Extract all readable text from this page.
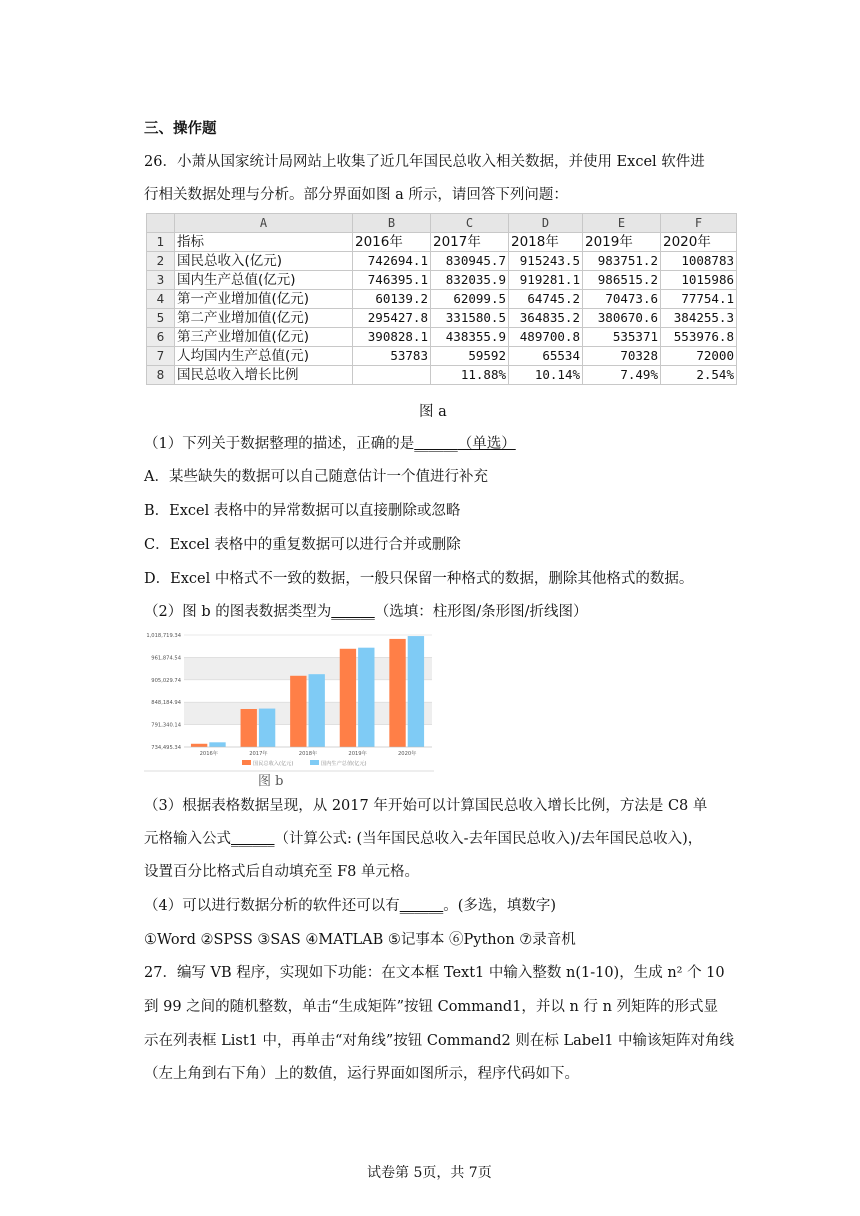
三、操作题
26．小萧从国家统计局网站上收集了近几年国民总收入相关数据，并使用 Excel 软件进
行相关数据处理与分析。部分界面如图 a 所示，请回答下列问题：
	A	B	C	D	E	F
1	指标	2016年	2017年	2018年	2019年	2020年
2	国民总收入(亿元)	742694.1	830945.7	915243.5	983751.2	1008783
3	国内生产总值(亿元)	746395.1	832035.9	919281.1	986515.2	1015986
4	第一产业增加值(亿元)	60139.2	62099.5	64745.2	70473.6	77754.1
5	第二产业增加值(亿元)	295427.8	331580.5	364835.2	380670.6	384255.3
6	第三产业增加值(亿元)	390828.1	438355.9	489700.8	535371	553976.8
7	人均国内生产总值(元)	53783	59592	65534	70328	72000
8	国民总收入增长比例		11.88%	10.14%	7.49%	2.54%
图 a
（1）下列关于数据整理的描述，正确的是______（单选）
A．某些缺失的数据可以自己随意估计一个值进行补充
B．Excel 表格中的异常数据可以直接删除或忽略
C．Excel 表格中的重复数据可以进行合并或删除
D．Excel 中格式不一致的数据，一般只保留一种格式的数据，删除其他格式的数据。
（2）图 b 的图表数据类型为______（选填：柱形图/条形图/折线图）
1,018,719.34
961,874.54
905,029.74
848,184.94
791,340.14
734,495.34
2016年	2017年	2018年	2019年	2020年
国民总收入(亿元)	国内生产总值(亿元)
图 b
（3）根据表格数据呈现，从 2017 年开始可以计算国民总收入增长比例，方法是 C8 单
元格输入公式______（计算公式: (当年国民总收入-去年国民总收入)/去年国民总收入)，
设置百分比格式后自动填充至 F8 单元格。
（4）可以进行数据分析的软件还可以有______。(多选，填数字)
①Word ②SPSS ③SAS ④MATLAB ⑤记事本 ⑥Python ⑦录音机
27．编写 VB 程序，实现如下功能：在文本框 Text1 中输入整数 n(1-10)，生成 n² 个 10
到 99 之间的随机整数，单击“生成矩阵”按钮 Command1，并以 n 行 n 列矩阵的形式显
示在列表框 List1 中，再单击“对角线”按钮 Command2 则在标 Label1 中输该矩阵对角线
（左上角到右下角）上的数值，运行界面如图所示，程序代码如下。
试卷第 5页，共 7页
